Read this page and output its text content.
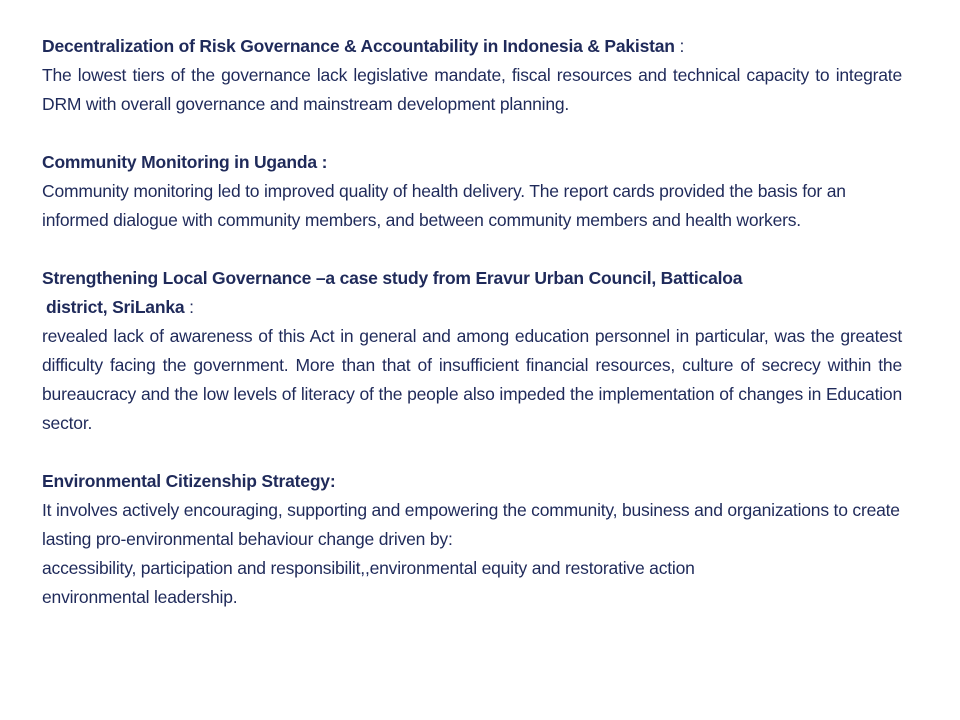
Decentralization of Risk Governance & Accountability in Indonesia & Pakistan :

The lowest tiers of the governance lack legislative mandate, fiscal resources and technical capacity to integrate DRM with overall governance and mainstream development planning.

Community Monitoring in Uganda :

Community monitoring led to improved quality of health delivery. The report cards provided the basis for an informed dialogue with community members, and between community members and health workers.

Strengthening Local Governance –a case study from Eravur Urban Council, Batticaloa
district, SriLanka :

revealed lack of awareness of this Act in general and among education personnel in particular, was the greatest difficulty facing the government. More than that of insufficient financial resources, culture of secrecy within the bureaucracy and the low levels of literacy of the people also impeded the implementation of changes in Education sector.

Environmental Citizenship Strategy:

It involves actively encouraging, supporting and empowering the community, business and organizations to create lasting pro-environmental behaviour change driven by:

accessibility, participation and responsibilit,,environmental equity and restorative action

environmental leadership.
